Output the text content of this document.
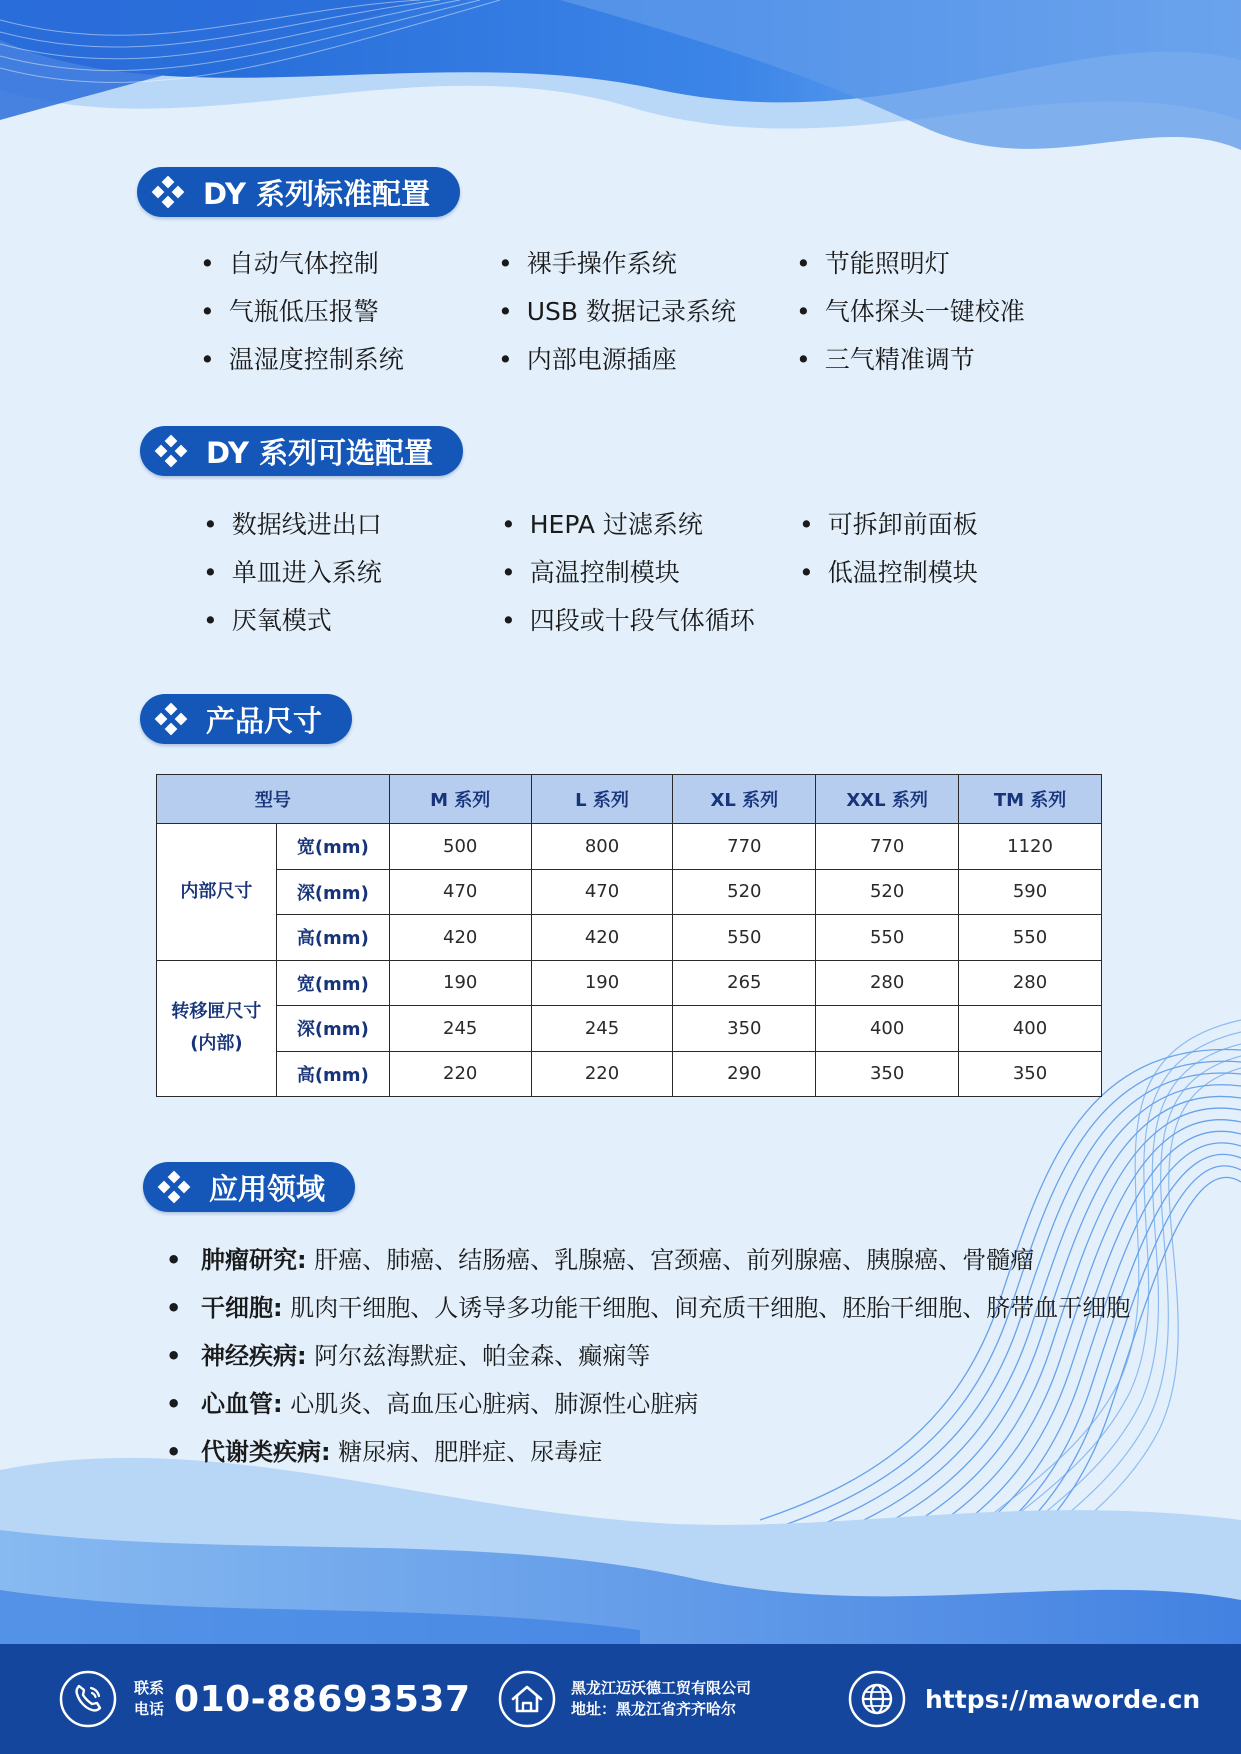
DY 系列标准配置
• 自动气体控制	• 裸手操作系统	• 节能照明灯
• 气瓶低压报警	• USB 数据记录系统	• 气体探头一键校准
• 温湿度控制系统	• 内部电源插座	• 三气精准调节
DY 系列可选配置
• 数据线进出口	• HEPA 过滤系统	• 可拆卸前面板
• 单皿进入系统	• 高温控制模块	• 低温控制模块
• 厌氧模式	• 四段或十段气体循环
产品尺寸
型号		M 系列	L 系列	XL 系列	XXL 系列	TM 系列
内部尺寸	宽(mm)	500	800	770	770	1120
	深(mm)	470	470	520	520	590
	高(mm)	420	420	550	550	550
转移匣尺寸
(内部)	宽(mm)	190	190	265	280	280
	深(mm)	245	245	350	400	400
	高(mm)	220	220	290	350	350
应用领域
• 肿瘤研究: 肝癌、肺癌、结肠癌、乳腺癌、宫颈癌、前列腺癌、胰腺癌、骨髓瘤
• 干细胞: 肌肉干细胞、人诱导多功能干细胞、间充质干细胞、胚胎干细胞、脐带血干细胞
• 神经疾病: 阿尔兹海默症、帕金森、癫痫等
• 心血管: 心肌炎、高血压心脏病、肺源性心脏病
• 代谢类疾病: 糖尿病、肥胖症、尿毒症
联系
电话 010-88693537	黑龙江迈沃德工贸有限公司
地址：黑龙江省齐齐哈尔	https://maworde.cn
